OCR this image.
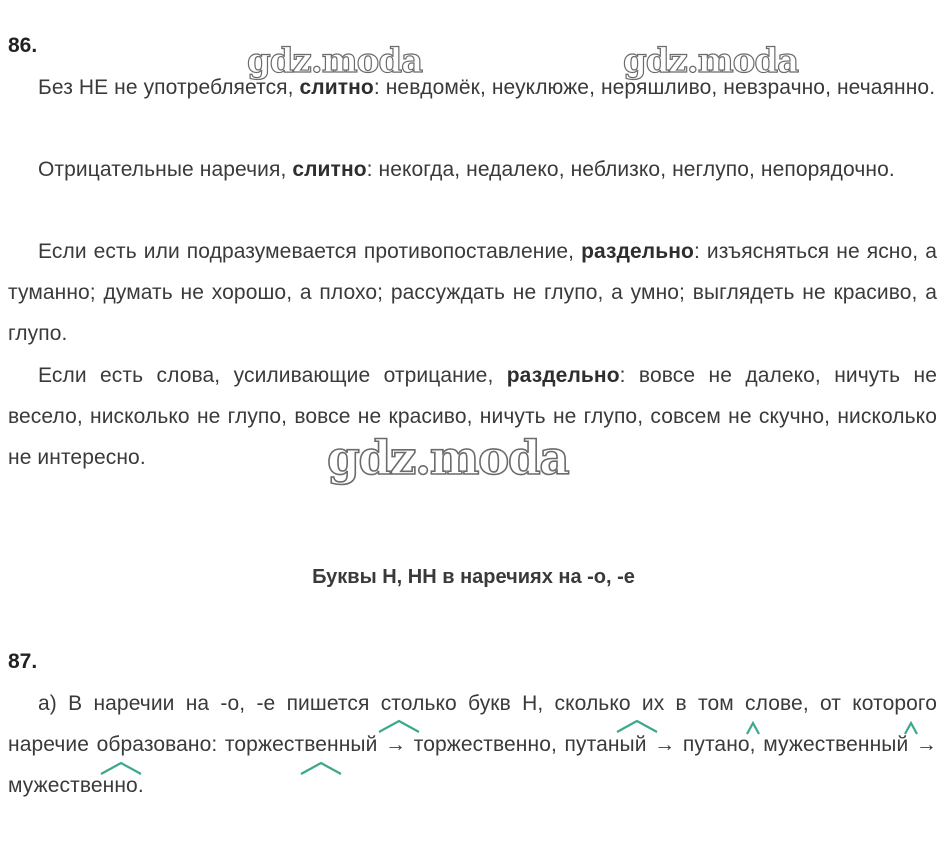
86.

Без НЕ не употребляется, слитно: невдомёк, неуклюже, неряшливо, невзрачно, нечаянно.

Отрицательные наречия, слитно: некогда, недалеко, неблизко, неглупо, непорядочно.

Если есть или подразумевается противопоставление, раздельно: изъясняться не ясно, а туманно; думать не хорошо, а плохо; рассуждать не глупо, а умно; выглядеть не красиво, а глупо.

Если есть слова, усиливающие отрицание, раздельно: вовсе не далеко, ничуть не весело, нисколько не глупо, вовсе не красиво, ничуть не глупо, совсем не скучно, нисколько не интересно.

Буквы Н, НН в наречиях на -о, -е

87.

а) В наречии на -о, -е пишется столько букв Н, сколько их в том слове, от которого наречие образовано: торжественный → торжественно, путаный → путано, мужественный → мужественно.

gdz.moda	gdz.moda
gdz.moda
